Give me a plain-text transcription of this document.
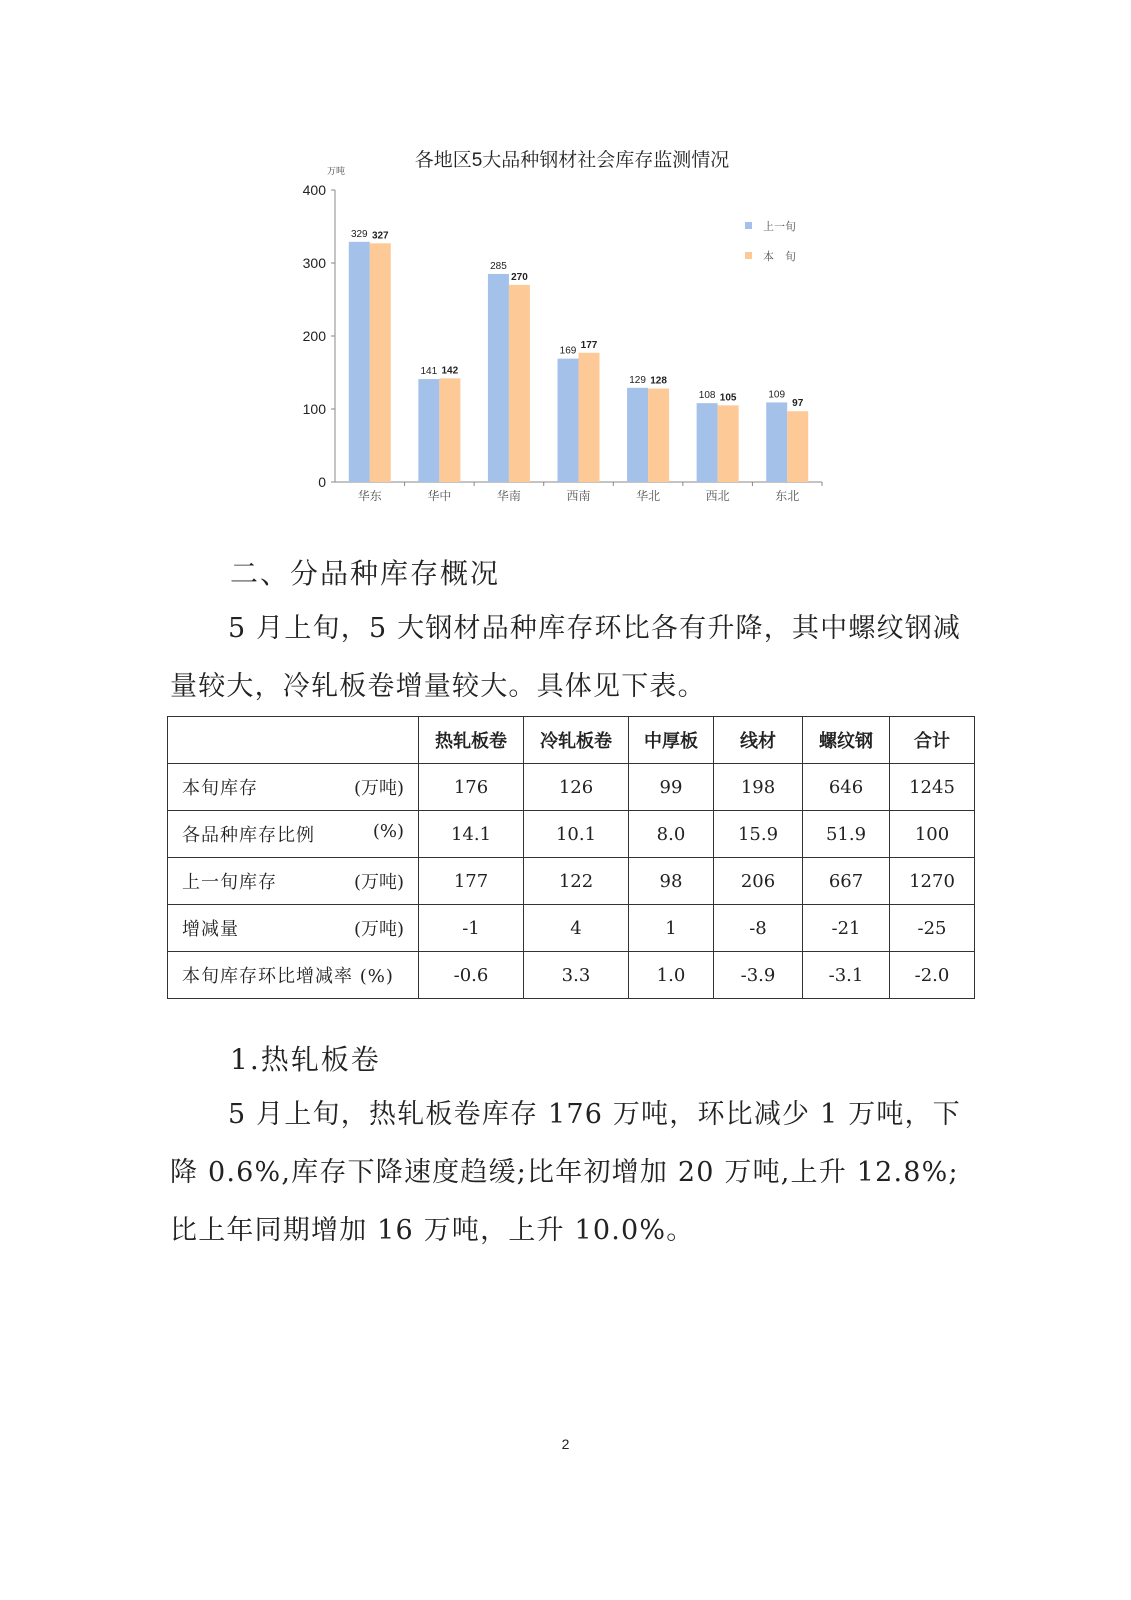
各地区5大品种钢材社会库存监测情况
万吨
0
100
200
300
400
华东	华中	华南	西南	华北	西北	东北
329 327
141 142
285
270
169
177
129 128
108 105	109
97
上一旬
本　旬
二、分品种库存概况

5 月上旬，5 大钢材品种库存环比各有升降，其中螺纹钢减量较大，冷轧板卷增量较大。具体见下表。

	热轧板卷	冷轧板卷	中厚板	线材	螺纹钢	合计
本旬库存 (万吨)	176	126	99	198	646	1245
各品种库存比例 (%)	14.1	10.1	8.0	15.9	51.9	100
上一旬库存 (万吨)	177	122	98	206	667	1270
增减量 (万吨)	-1	4	1	-8	-21	-25
本旬库存环比增减率 (%)	-0.6	3.3	1.0	-3.9	-3.1	-2.0
1.热轧板卷

5 月上旬，热轧板卷库存 176 万吨，环比减少 1 万吨，下降 0.6%,库存下降速度趋缓;比年初增加 20 万吨,上升 12.8%;比上年同期增加 16 万吨，上升 10.0%。

2
